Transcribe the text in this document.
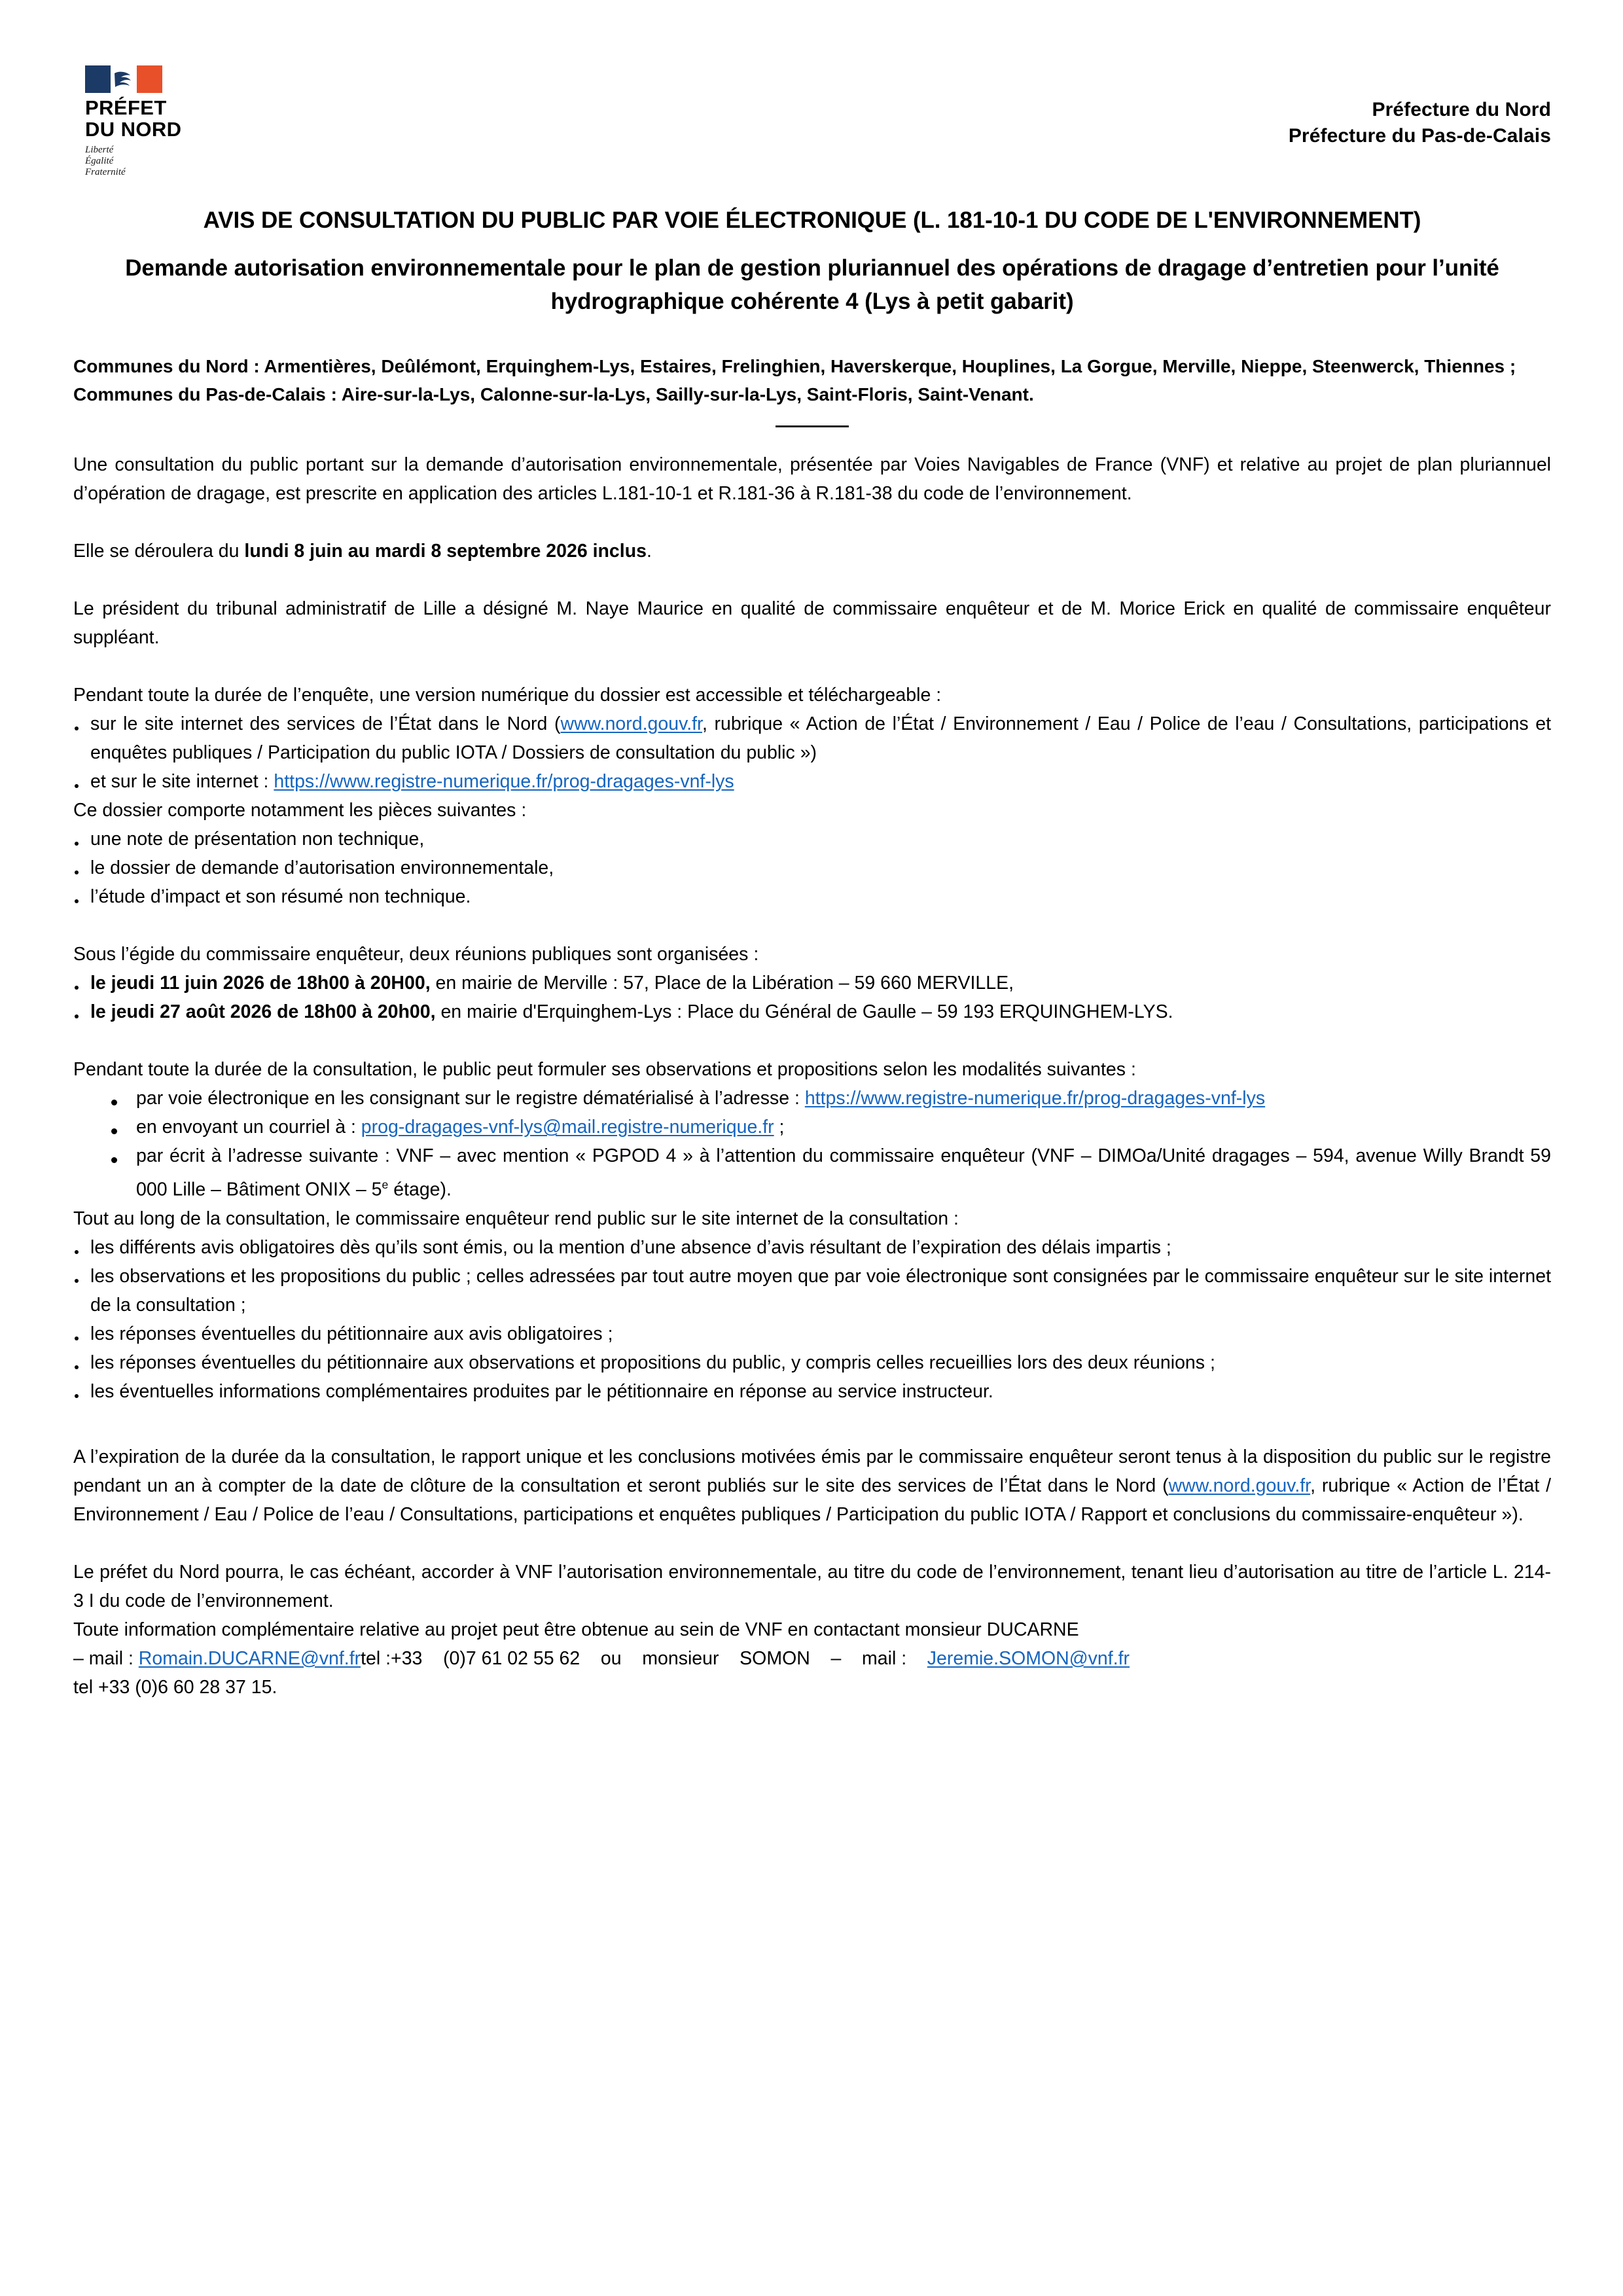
PRÉFET
DU NORD
Liberté
Égalité
Fraternité
Préfecture du Nord
Préfecture du Pas-de-Calais
AVIS DE CONSULTATION DU PUBLIC PAR VOIE ÉLECTRONIQUE (L. 181-10-1 DU CODE DE L'ENVIRONNEMENT)
Demande autorisation environnementale pour le plan de gestion pluriannuel des opérations de dragage d’entretien pour l’unité hydrographique cohérente 4 (Lys à petit gabarit)
Communes du Nord : Armentières, Deûlémont, Erquinghem-Lys, Estaires, Frelinghien, Haverskerque, Houplines, La Gorgue, Merville, Nieppe, Steenwerck, Thiennes ;
Communes du Pas-de-Calais : Aire-sur-la-Lys, Calonne-sur-la-Lys, Sailly-sur-la-Lys, Saint-Floris, Saint-Venant.

Une consultation du public portant sur la demande d’autorisation environnementale, présentée par Voies Navigables de France (VNF) et relative au projet de plan pluriannuel d’opération de dragage, est prescrite en application des articles L.181-10-1 et R.181-36 à R.181-38 du code de l’environnement.

Elle se déroulera du lundi 8 juin au mardi 8 septembre 2026 inclus.

Le président du tribunal administratif de Lille a désigné M. Naye Maurice en qualité de commissaire enquêteur et de M. Morice Erick en qualité de commissaire enquêteur suppléant.

Pendant toute la durée de l’enquête, une version numérique du dossier est accessible et téléchargeable :

sur le site internet des services de l’État dans le Nord (www.nord.gouv.fr, rubrique « Action de l’État / Environnement / Eau / Police de l’eau / Consultations, participations et enquêtes publiques / Participation du public IOTA / Dossiers de consultation du public »)
et sur le site internet : https://www.registre-numerique.fr/prog-dragages-vnf-lys

Ce dossier comporte notamment les pièces suivantes :

une note de présentation non technique,
le dossier de demande d’autorisation environnementale,
l’étude d’impact et son résumé non technique.

Sous l’égide du commissaire enquêteur, deux réunions publiques sont organisées :

le jeudi 11 juin 2026 de 18h00 à 20H00, en mairie de Merville : 57, Place de la Libération – 59 660 MERVILLE,
le jeudi 27 août 2026 de 18h00 à 20h00, en mairie d'Erquinghem-Lys : Place du Général de Gaulle – 59 193 ERQUINGHEM-LYS.

Pendant toute la durée de la consultation, le public peut formuler ses observations et propositions selon les modalités suivantes :

par voie électronique en les consignant sur le registre dématérialisé à l’adresse : https://www.registre-numerique.fr/prog-dragages-vnf-lys
en envoyant un courriel à : prog-dragages-vnf-lys@mail.registre-numerique.fr ;
par écrit à l’adresse suivante : VNF – avec mention « PGPOD 4 » à l’attention du commissaire enquêteur (VNF – DIMOa/Unité dragages – 594, avenue Willy Brandt 59 000 Lille – Bâtiment ONIX – 5e étage).

Tout au long de la consultation, le commissaire enquêteur rend public sur le site internet de la consultation :

les différents avis obligatoires dès qu’ils sont émis, ou la mention d’une absence d’avis résultant de l’expiration des délais impartis ;
les observations et les propositions du public ; celles adressées par tout autre moyen que par voie électronique sont consignées par le commissaire enquêteur sur le site internet de la consultation ;
les réponses éventuelles du pétitionnaire aux avis obligatoires ;
les réponses éventuelles du pétitionnaire aux observations et propositions du public, y compris celles recueillies lors des deux réunions ;
les éventuelles informations complémentaires produites par le pétitionnaire en réponse au service instructeur.

A l’expiration de la durée da la consultation, le rapport unique et les conclusions motivées émis par le commissaire enquêteur seront tenus à la disposition du public sur le registre pendant un an à compter de la date de clôture de la consultation et seront publiés sur le site des services de l’État dans le Nord (www.nord.gouv.fr, rubrique « Action de l’État / Environnement / Eau / Police de l’eau / Consultations, participations et enquêtes publiques / Participation du public IOTA / Rapport et conclusions du commissaire-enquêteur »).

Le préfet du Nord pourra, le cas échéant, accorder à VNF l’autorisation environnementale, au titre du code de l’environnement, tenant lieu d’autorisation au titre de l’article L. 214-3 I du code de l’environnement.

Toute information complémentaire relative au projet peut être obtenue au sein de VNF en contactant monsieur DUCARNE

– mail : Romain.DUCARNE@vnf.frtel :+33    (0)7 61 02 55 62    ou    monsieur    SOMON    –    mail :    Jeremie.SOMON@vnf.fr

tel +33 (0)6 60 28 37 15.
